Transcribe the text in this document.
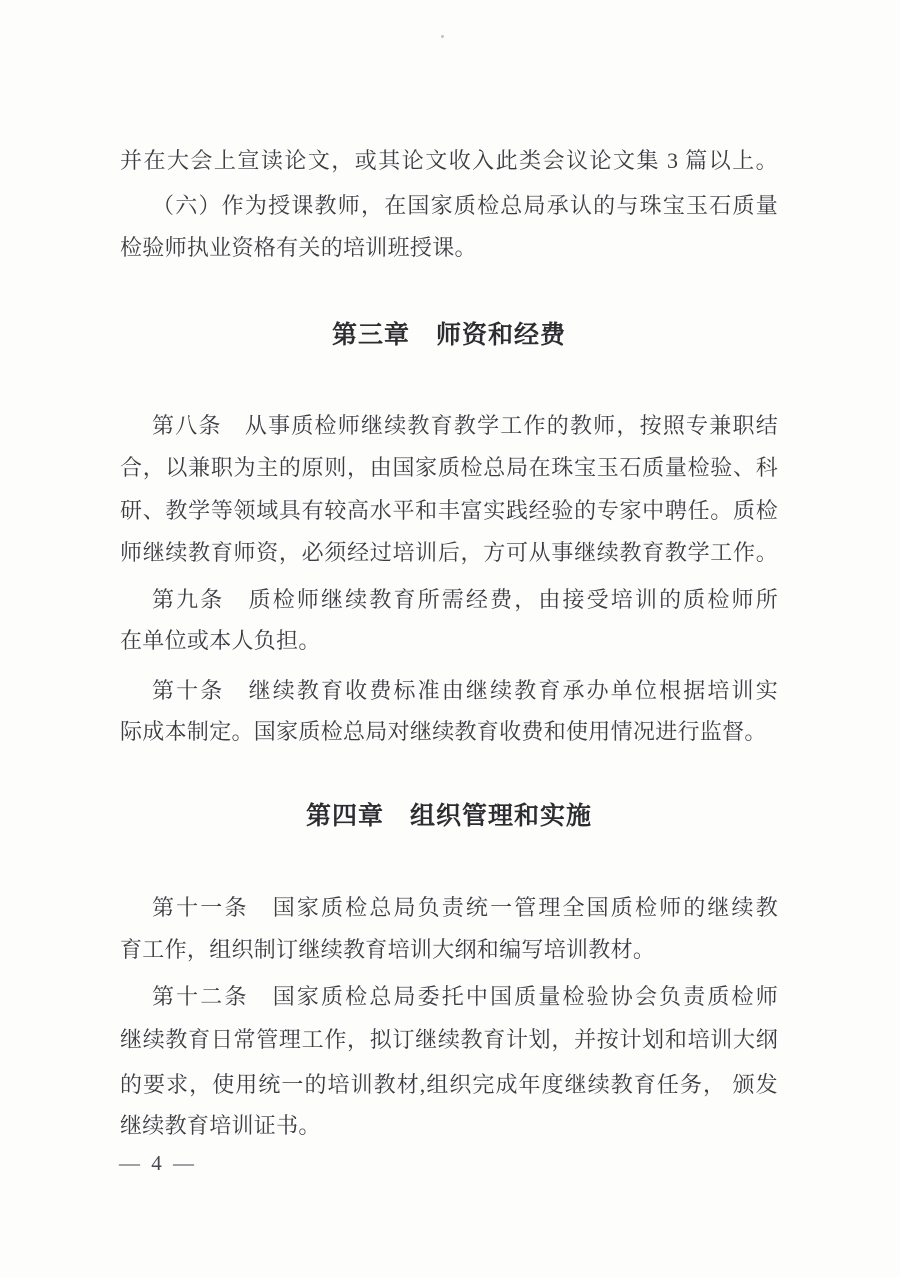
并在大会上宣读论文，或其论文收入此类会议论文集 3 篇以上。
（六）作为授课教师，在国家质检总局承认的与珠宝玉石质量
检验师执业资格有关的培训班授课。
第三章　师资和经费
第八条　从事质检师继续教育教学工作的教师，按照专兼职结
合，以兼职为主的原则，由国家质检总局在珠宝玉石质量检验、科
研、教学等领域具有较高水平和丰富实践经验的专家中聘任。质检
师继续教育师资，必须经过培训后，方可从事继续教育教学工作。
第九条　质检师继续教育所需经费，由接受培训的质检师所
在单位或本人负担。
第十条　继续教育收费标准由继续教育承办单位根据培训实
际成本制定。国家质检总局对继续教育收费和使用情况进行监督。
第四章　组织管理和实施
第十一条　国家质检总局负责统一管理全国质检师的继续教
育工作，组织制订继续教育培训大纲和编写培训教材。
第十二条　国家质检总局委托中国质量检验协会负责质检师
继续教育日常管理工作，拟订继续教育计划，并按计划和培训大纲
的要求，使用统一的培训教材,组织完成年度继续教育任务， 颁发
继续教育培训证书。
— 4 —
